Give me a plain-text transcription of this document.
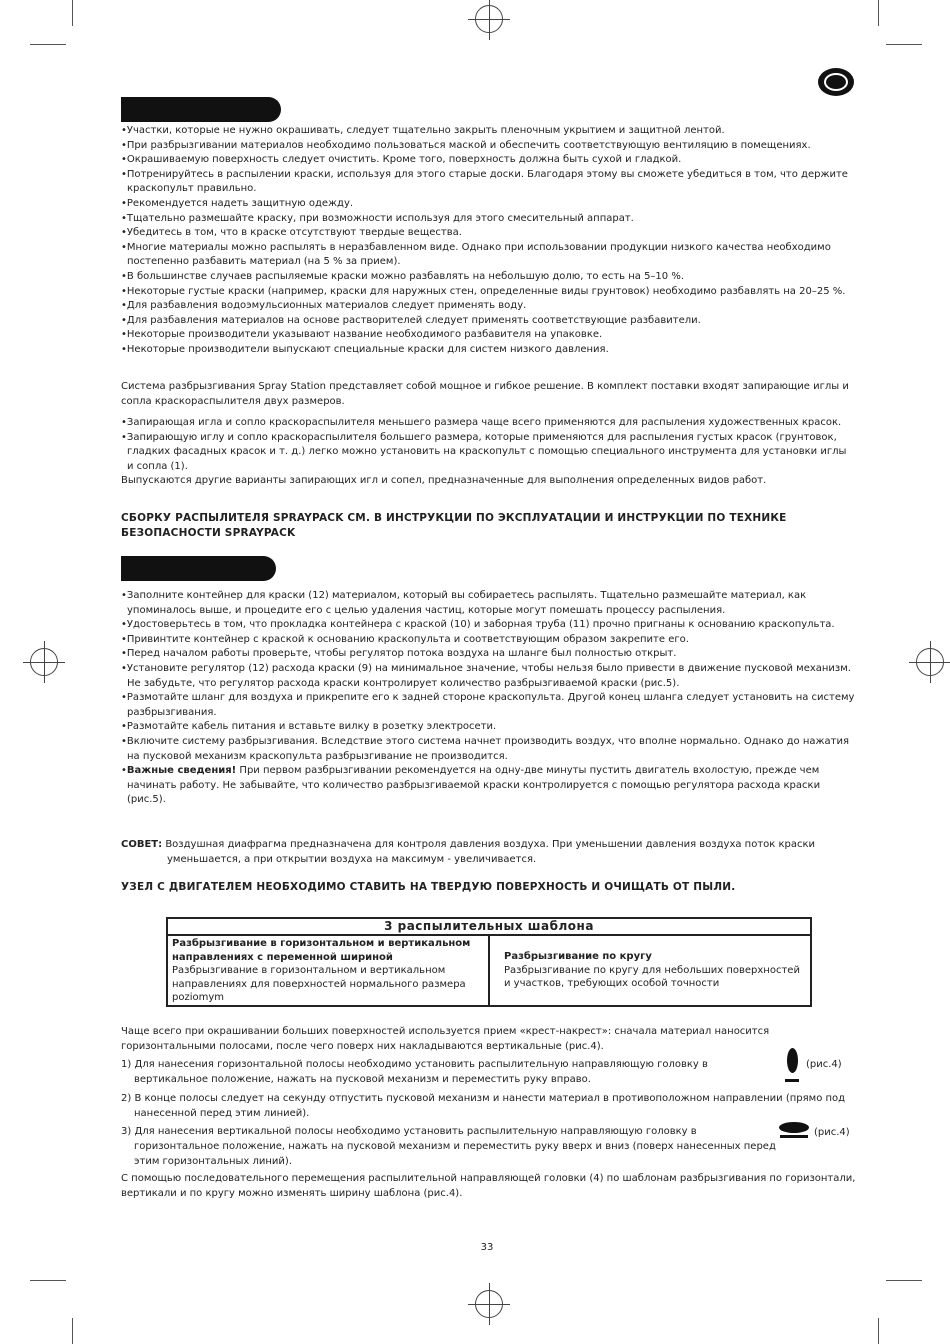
• Участки, которые не нужно окрашивать, следует тщательно закрыть пленочным укрытием и защитной лентой.
• При разбрызгивании материалов необходимо пользоваться маской и обеспечить соответствующую вентиляцию в помещениях.
• Окрашиваемую поверхность следует очистить. Кроме того, поверхность должна быть сухой и гладкой.
• Потренируйтесь в распылении краски, используя для этого старые доски. Благодаря этому вы сможете убедиться в том, что держите краскопульт правильно.
• Рекомендуется надеть защитную одежду.
• Тщательно размешайте краску, при возможности используя для этого смесительный аппарат.
• Убедитесь в том, что в краске отсутствуют твердые вещества.
• Многие материалы можно распылять в неразбавленном виде. Однако при использовании продукции низкого качества необходимо постепенно разбавить материал (на 5 % за прием).
• В большинстве случаев распыляемые краски можно разбавлять на небольшую долю, то есть на 5–10 %.
• Некоторые густые краски (например, краски для наружных стен, определенные виды грунтовок) необходимо разбавлять на 20–25 %.
• Для разбавления водоэмульсионных материалов следует применять воду.
• Для разбавления материалов на основе растворителей следует применять соответствующие разбавители.
• Некоторые производители указывают название необходимого разбавителя на упаковке.
• Некоторые производители выпускают специальные краски для систем низкого давления.

Система разбрызгивания Spray Station представляет собой мощное и гибкое решение. В комплект поставки входят запирающие иглы и сопла краскораспылителя двух размеров.

• Запирающая игла и сопло краскораспылителя меньшего размера чаще всего применяются для распыления художественных красок.
• Запирающую иглу и сопло краскораспылителя большего размера, которые применяются для распыления густых красок (грунтовок, гладких фасадных красок и т. д.) легко можно установить на краскопульт с помощью специального инструмента для установки иглы и сопла (1).

Выпускаются другие варианты запирающих игл и сопел, предназначенные для выполнения определенных видов работ.

СБОРКУ РАСПЫЛИТЕЛЯ SPRAYPACK СМ. В ИНСТРУКЦИИ ПО ЭКСПЛУАТАЦИИ И ИНСТРУКЦИИ ПО ТЕХНИКЕ БЕЗОПАСНОСТИ SPRAYPACK
• Заполните контейнер для краски (12) материалом, который вы собираетесь распылять. Тщательно размешайте материал, как упоминалось выше, и процедите его с целью удаления частиц, которые могут помешать процессу распыления.
• Удостоверьтесь в том, что прокладка контейнера с краской (10) и заборная труба (11) прочно пригнаны к основанию краскопульта.
• Привинтите контейнер с краской к основанию краскопульта и соответствующим образом закрепите его.
• Перед началом работы проверьте, чтобы регулятор потока воздуха на шланге был полностью открыт.
• Установите регулятор (12) расхода краски (9) на минимальное значение, чтобы нельзя было привести в движение пусковой механизм. Не забудьте, что регулятор расхода краски контролирует количество разбрызгиваемой краски (рис.5).
• Размотайте шланг для воздуха и прикрепите его к задней стороне краскопульта. Другой конец шланга следует установить на систему разбрызгивания.
• Размотайте кабель питания и вставьте вилку в розетку электросети.
• Включите систему разбрызгивания. Вследствие этого система начнет производить воздух, что вполне нормально. Однако до нажатия на пусковой механизм краскопульта разбрызгивание не производится.
• Важные сведения! При первом разбрызгивании рекомендуется на одну-две минуты пустить двигатель вхолостую, прежде чем начинать работу. Не забывайте, что количество разбрызгиваемой краски контролируется с помощью регулятора расхода краски (рис.5).
СОВЕТ: Воздушная диафрагма предназначена для контроля давления воздуха. При уменьшении давления воздуха поток краски уменьшается, а при открытии воздуха на максимум - увеличивается.
УЗЕЛ С ДВИГАТЕЛЕМ НЕОБХОДИМО СТАВИТЬ НА ТВЕРДУЮ ПОВЕРХНОСТЬ И ОЧИЩАТЬ ОТ ПЫЛИ.
3 распылительных шаблона

Разбрызгивание в горизонтальном и вертикальном направлениях с переменной шириной
Разбрызгивание в горизонтальном и вертикальном направлениях для поверхностей нормального размера poziomym	
Разбрызгивание по кругу
Разбрызгивание по кругу для небольших поверхностей и участков, требующих особой точности
Чаще всего при окрашивании больших поверхностей используется прием «крест-накрест»: сначала материал наносится горизонтальными полосами, после чего поверх них накладываются вертикальные (рис.4).
1) Для нанесения горизонтальной полосы необходимо установить распылительную направляющую головку в вертикальное положение, нажать на пусковой механизм и переместить руку вправо.
(рис.4)
2) В конце полосы следует на секунду отпустить пусковой механизм и нанести материал в противоположном направлении (прямо под нанесенной перед этим линией).
3) Для нанесения вертикальной полосы необходимо установить распылительную направляющую головку в горизонтальное положение, нажать на пусковой механизм и переместить руку вверх и вниз (поверх нанесенных перед этим горизонтальных линий).
(рис.4)
С помощью последовательного перемещения распылительной направляющей головки (4) по шаблонам разбрызгивания по горизонтали, вертикали и по кругу можно изменять ширину шаблона (рис.4).
33
